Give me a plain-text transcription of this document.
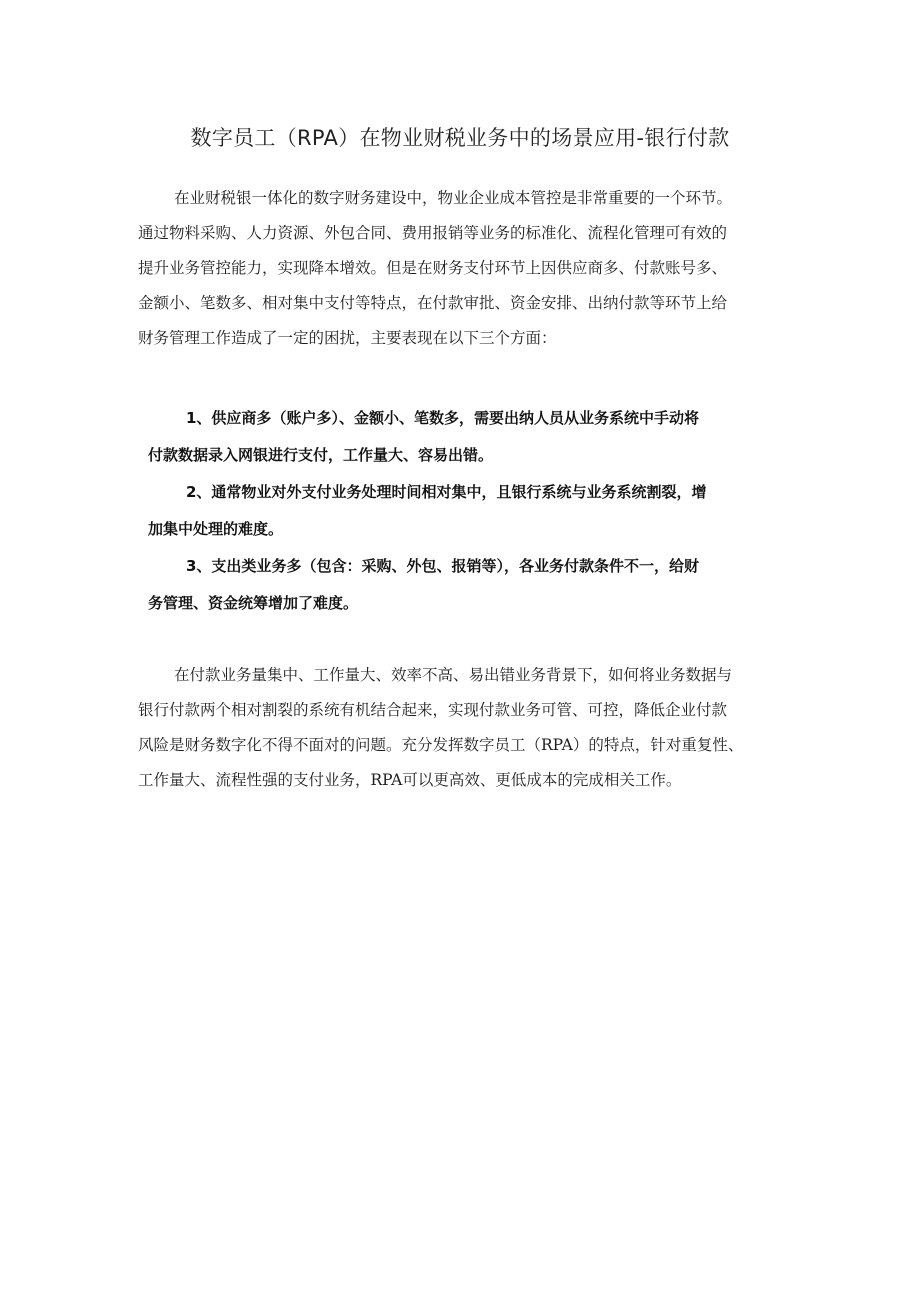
数字员工（RPA）在物业财税业务中的场景应用-银行付款
在业财税银一体化的数字财务建设中，物业企业成本管控是非常重要的一个环节。
通过物料采购、人力资源、外包合同、费用报销等业务的标准化、流程化管理可有效的
提升业务管控能力，实现降本增效。但是在财务支付环节上因供应商多、付款账号多、
金额小、笔数多、相对集中支付等特点，在付款审批、资金安排、出纳付款等环节上给
财务管理工作造成了一定的困扰，主要表现在以下三个方面：
1、供应商多（账户多）、金额小、笔数多，需要出纳人员从业务系统中手动将
付款数据录入网银进行支付，工作量大、容易出错。
2、通常物业对外支付业务处理时间相对集中，且银行系统与业务系统割裂，增
加集中处理的难度。
3、支出类业务多（包含：采购、外包、报销等），各业务付款条件不一，给财
务管理、资金统筹增加了难度。
在付款业务量集中、工作量大、效率不高、易出错业务背景下，如何将业务数据与
银行付款两个相对割裂的系统有机结合起来，实现付款业务可管、可控，降低企业付款
风险是财务数字化不得不面对的问题。充分发挥数字员工（RPA）的特点，针对重复性、
工作量大、流程性强的支付业务，RPA可以更高效、更低成本的完成相关工作。
